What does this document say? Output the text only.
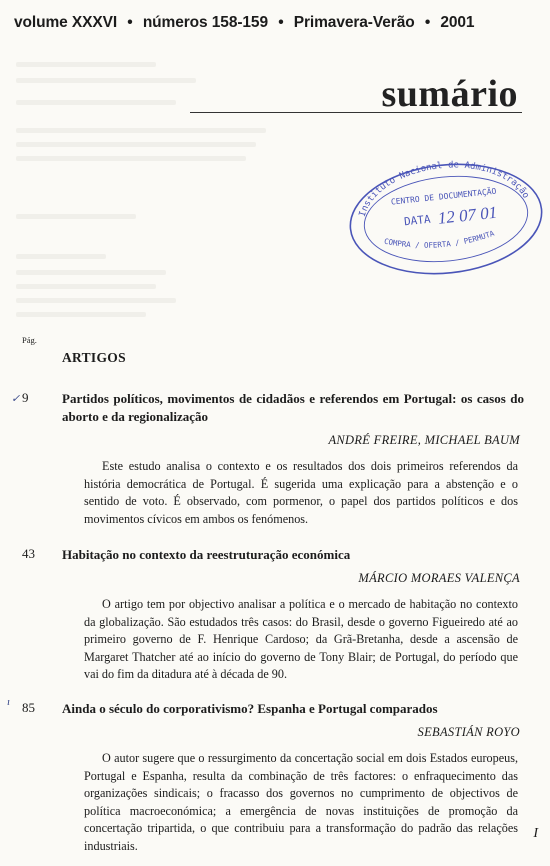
volume XXXVI • números 158-159 • Primavera-Verão • 2001
sumário
Instituto Nacional de Administração
CENTRO DE DOCUMENTAÇÃO
DATA 12 07 01
COMPRA / OFERTA / PERMUTA
Pág.
ARTIGOS
✓ 9	Partidos políticos, movimentos de cidadãos e referendos em Portugal: os casos do aborto e da regionalização
ANDRÉ FREIRE, MICHAEL BAUM
Este estudo analisa o contexto e os resultados dos dois primeiros referendos da história democrática de Portugal. É sugerida uma explicação para a abstenção e o sentido de voto. É observado, com pormenor, o papel dos partidos políticos e dos movimentos cívicos em ambos os fenómenos.
43 Habitação no contexto da reestruturação económica
MÁRCIO MORAES VALENÇA
O artigo tem por objectivo analisar a política e o mercado de habitação no contexto da globalização. São estudados três casos: do Brasil, desde o governo Figueiredo até ao primeiro governo de F. Henrique Cardoso; da Grã-Bretanha, desde a ascensão de Margaret Thatcher até ao início do governo de Tony Blair; de Portugal, do período que vai do fim da ditadura até à década de 90.
ı 85 Ainda o século do corporativismo? Espanha e Portugal comparados
SEBASTIÁN ROYO
O autor sugere que o ressurgimento da concertação social em dois Estados europeus, Portugal e Espanha, resulta da combinação de três factores: o enfraquecimento das organizações sindicais; o fracasso dos governos no cumprimento de objectivos de política macroeconómica; a emergência de novas instituições de promoção da concertação tripartida, o que contribuiu para a transformação do padrão das relações industriais.
I
